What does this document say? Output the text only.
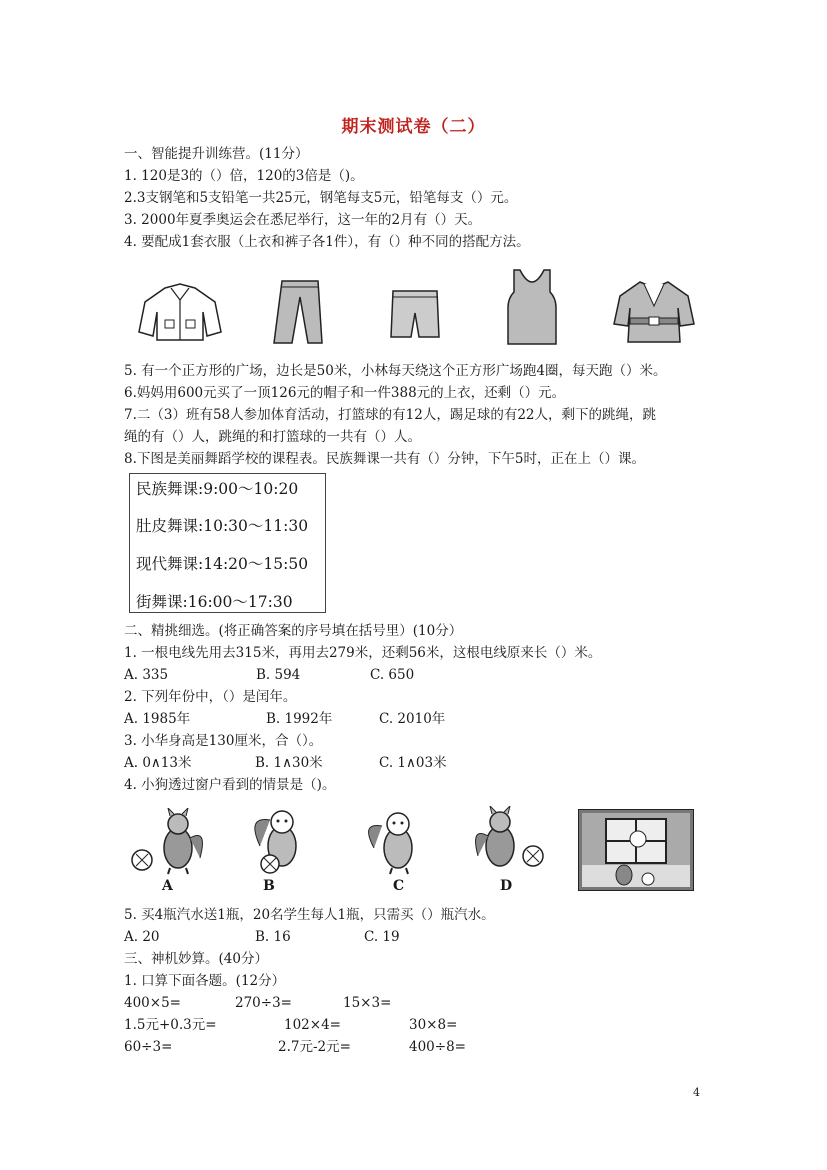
期末测试卷（二）
一、智能提升训练营。(11分）
1. 120是3的（）倍，120的3倍是（)。
2.3支钢笔和5支铅笔一共25元，钢笔每支5元，铅笔每支（）元。
3. 2000年夏季奥运会在悉尼举行，这一年的2月有（）天。
4. 要配成1套衣服（上衣和裤子各1件），有（）种不同的搭配方法。
5. 有一个正方形的广场，边长是50米，小林每天绕这个正方形广场跑4圈，每天跑（）米。
6.妈妈用600元买了一顶126元的帽子和一件388元的上衣，还剩（）元。
7.二（3）班有58人参加体育活动，打篮球的有12人，踢足球的有22人，剩下的跳绳，跳
绳的有（）人，跳绳的和打篮球的一共有（）人。
8.下图是美丽舞蹈学校的课程表。民族舞课一共有（）分钟，下午5时，正在上（）课。
民族舞课:9:00～10:20
肚皮舞课:10:30～11:30
现代舞课:14:20～15:50
街舞课:16:00～17:30
二、精挑细选。(将正确答案的序号填在括号里）(10分）
1. 一根电线先用去315米，再用去279米，还剩56米，这根电线原来长（）米。
A. 335	B. 594	C. 650
2. 下列年份中，（）是闰年。
A. 1985年	B. 1992年	C. 2010年
3. 小华身高是130厘米，合（）。
A. 0∧13米	B. 1∧30米	C. 1∧03米
4. 小狗透过窗户看到的情景是（)。
A	B	C	D
5. 买4瓶汽水送1瓶，20名学生每人1瓶，只需买（）瓶汽水。
A. 20	B. 16	C. 19
三、神机妙算。(40分）
1. 口算下面各题。(12分）
400×5=	270÷3=	15×3=
1.5元+0.3元=	102×4=	30×8=
60÷3=	2.7元-2元=	400÷8=
4
